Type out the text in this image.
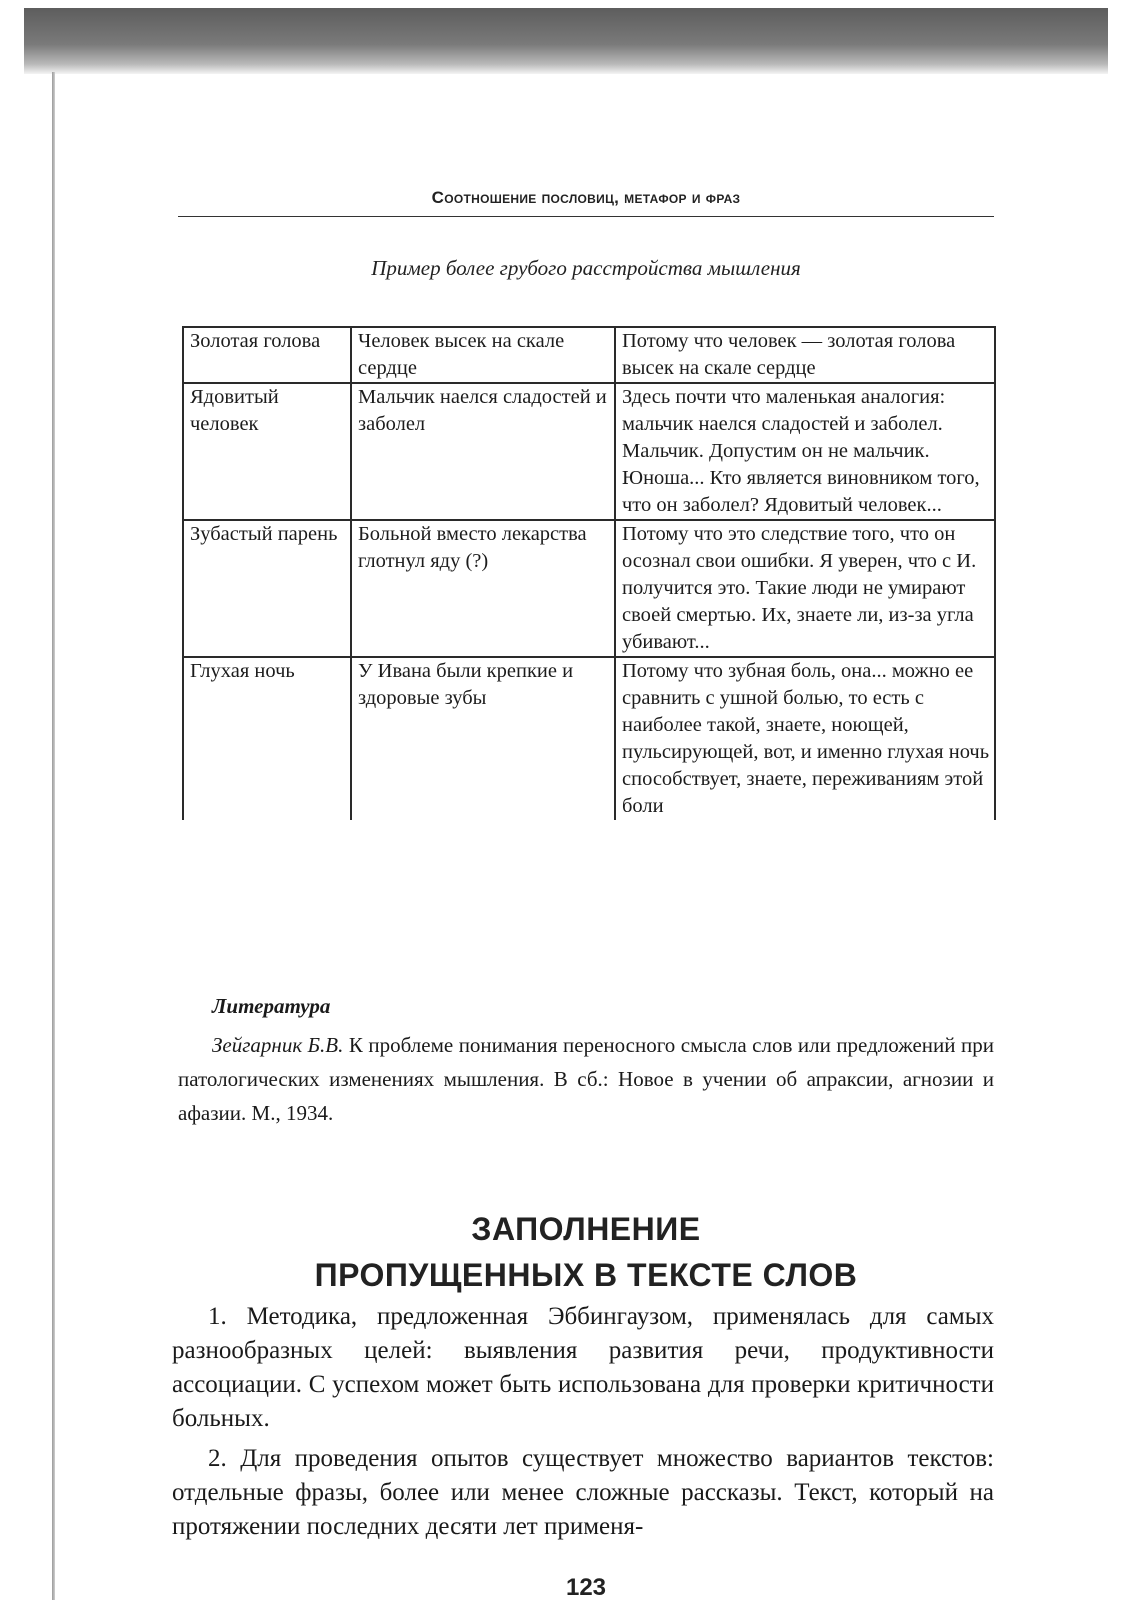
Соотношение пословиц, метафор и фраз
Пример более грубого расстройства мышления
Золотая голова	Человек высек на скале сердце	Потому что человек — золотая голова высек на скале сердце
Ядовитый человек	Мальчик наелся сладостей и заболел	Здесь почти что маленькая аналогия: мальчик наелся сладостей и заболел. Мальчик. Допустим он не мальчик. Юноша... Кто является виновником того, что он заболел? Ядовитый человек...
Зубастый парень	Больной вместо лекарства глотнул яду (?)	Потому что это следствие того, что он осознал свои ошибки. Я уверен, что с И. получится это. Такие люди не умирают своей смертью. Их, знаете ли, из-за угла убивают...
Глухая ночь	У Ивана были крепкие и здоровые зубы	Потому что зубная боль, она... можно ее сравнить с ушной болью, то есть с наиболее такой, знаете, ноющей, пульсирующей, вот, и именно глухая ночь способствует, знаете, переживаниям этой боли
Литература

Зейгарник Б.В. К проблеме понимания переносного смысла слов или предложений при патологических изменениях мышления. В сб.: Новое в учении об апраксии, агнозии и афазии. М., 1934.

ЗАПОЛНЕНИЕ
ПРОПУЩЕННЫХ В ТЕКСТЕ СЛОВ

1. Методика, предложенная Эббингаузом, применялась для самых разнообразных целей: выявления развития речи, продуктивности ассоциации. С успехом может быть использована для проверки критичности больных.

2. Для проведения опытов существует множество вариантов текстов: отдельные фразы, более или менее сложные рассказы. Текст, который на протяжении последних десяти лет применя-

123
